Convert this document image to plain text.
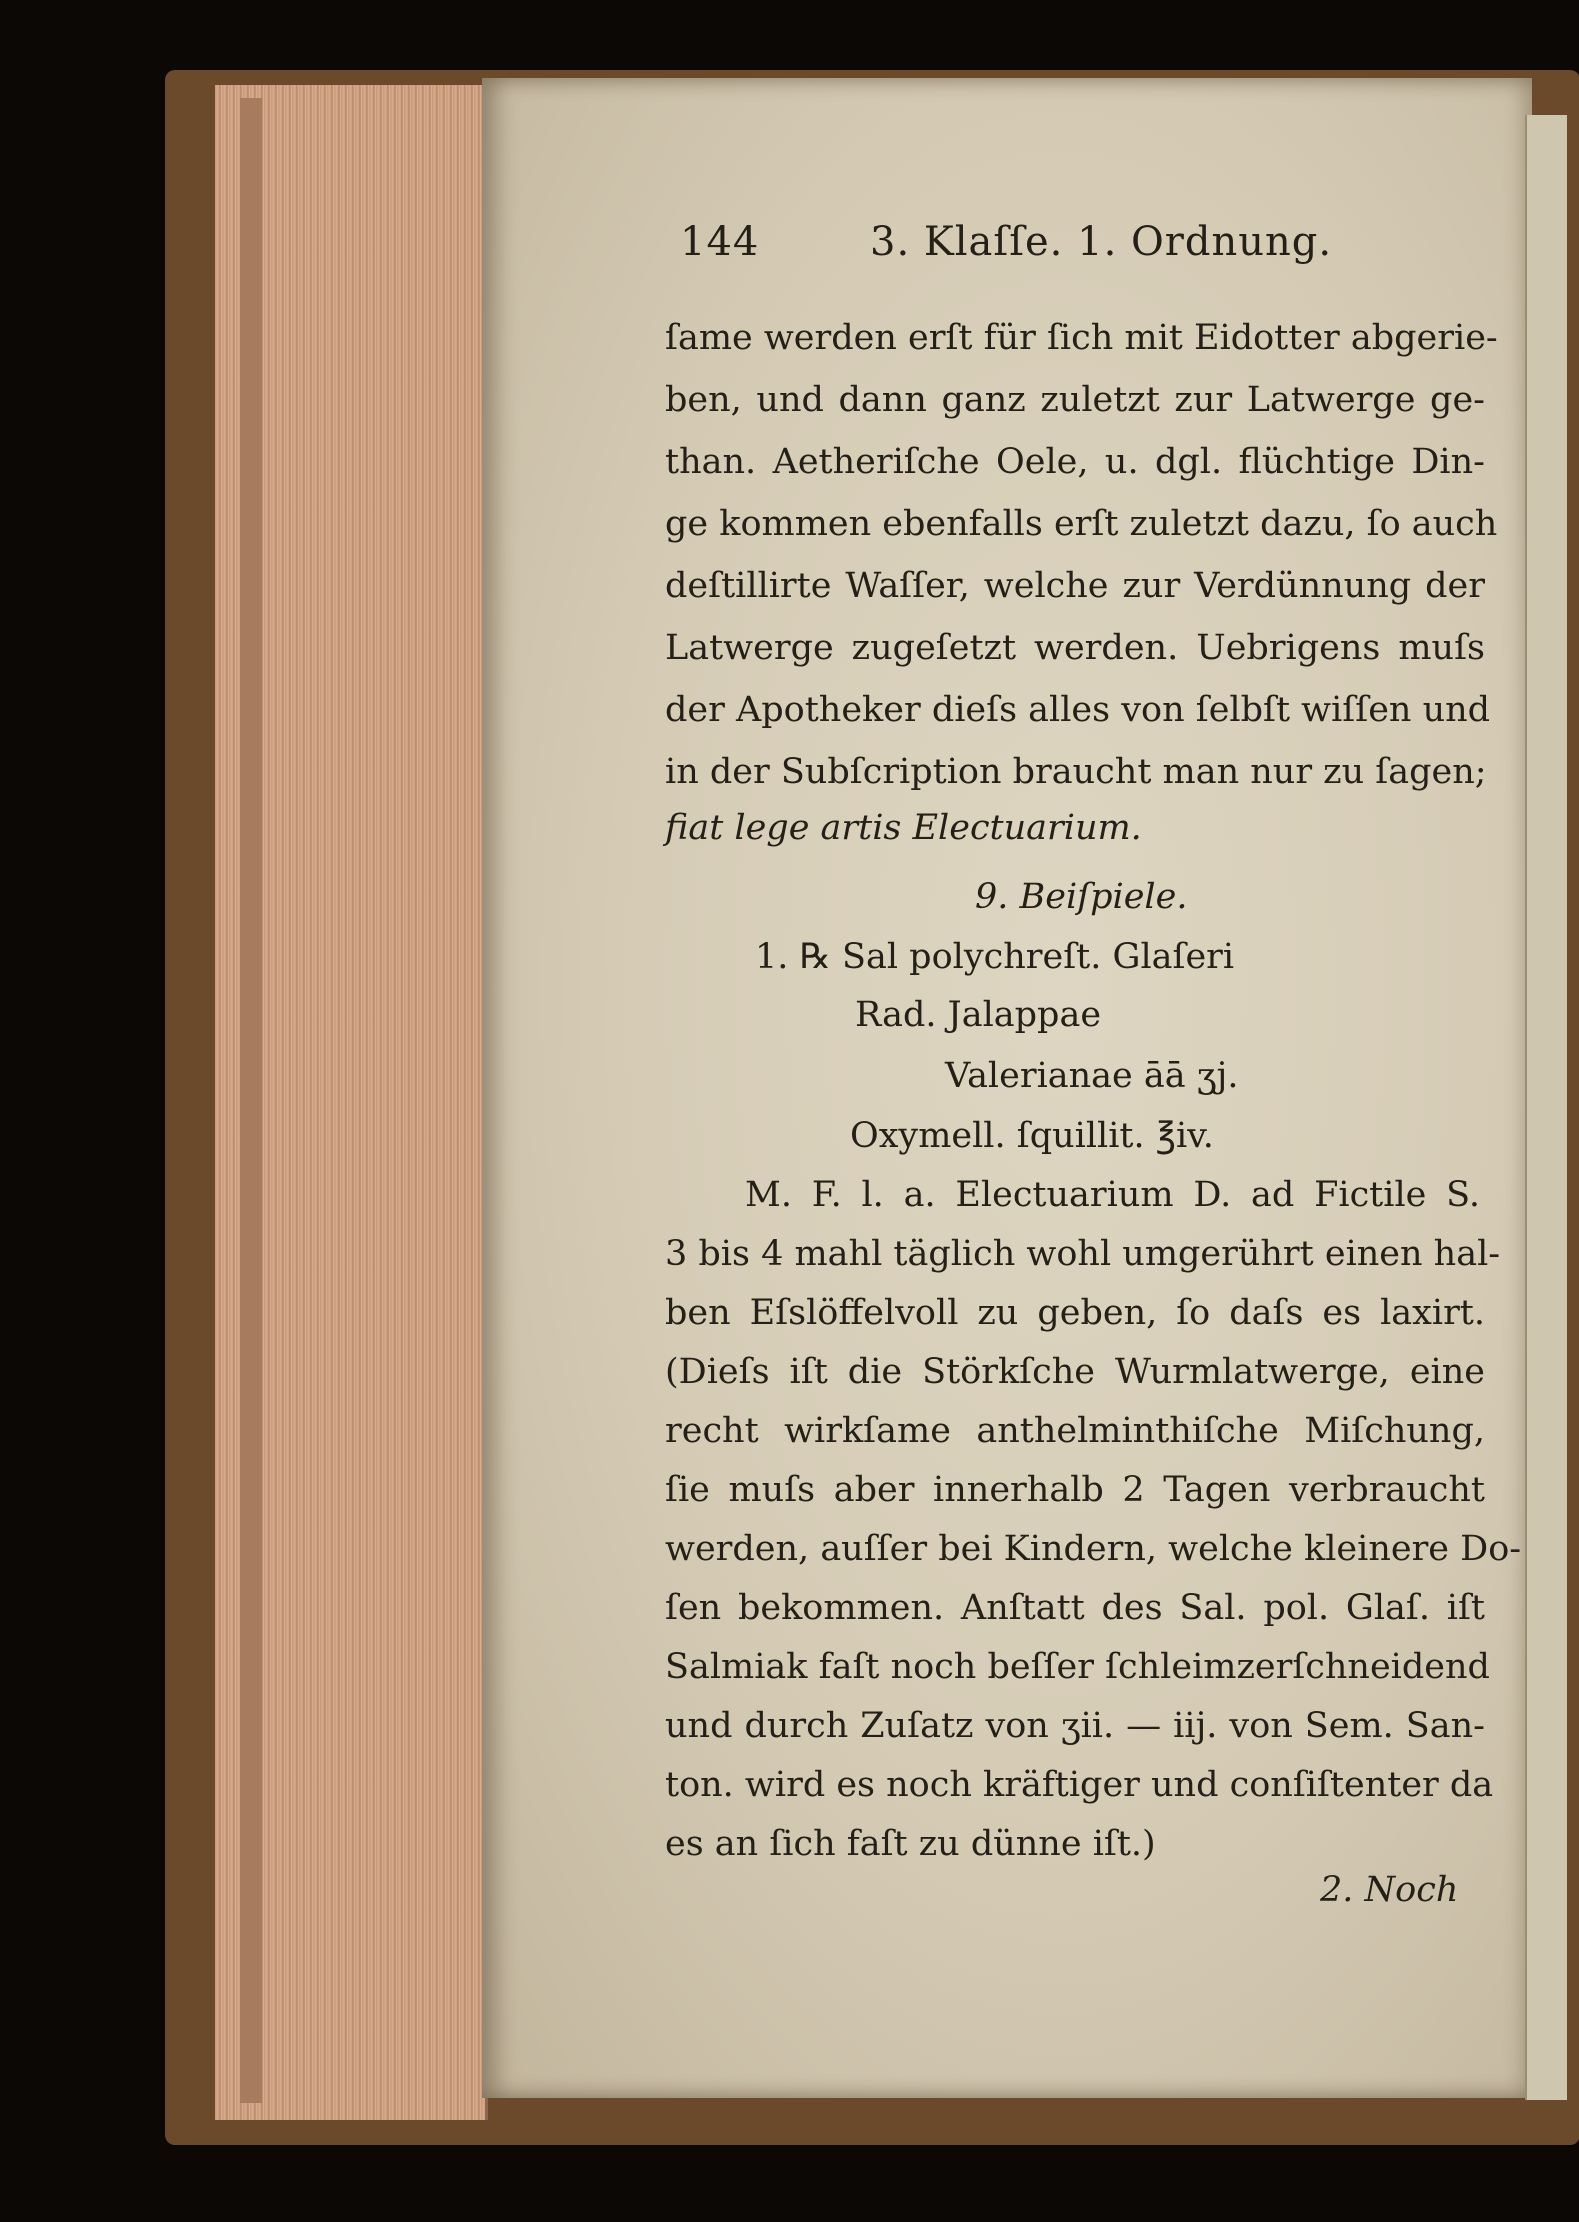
144	3. Klaſſe. 1. Ordnung.

ſame werden erſt für ſich mit Eidotter abgerie-

ben, und dann ganz zuletzt zur Latwerge ge-

than. Aetheriſche Oele, u. dgl. flüchtige Din-

ge kommen ebenfalls erſt zuletzt dazu, ſo auch

deſtillirte Waſſer, welche zur Verdünnung der

Latwerge zugeſetzt werden. Uebrigens muſs

der Apotheker dieſs alles von ſelbſt wiſſen und

in der Subſcription braucht man nur zu ſagen;

fiat lege artis Electuarium.

9. Beiſpiele.

1. ℞ Sal polychreſt. Glaſeri

Rad. Jalappae

Valerianae āā ʒj.

Oxymell. ſquillit. ℥iv.

M. F. l. a. Electuarium D. ad Fictile S.

3 bis 4 mahl täglich wohl umgerührt einen hal-

ben Eſslöffelvoll zu geben, ſo daſs es laxirt.

(Dieſs iſt die Störkſche Wurmlatwerge, eine

recht wirkſame anthelminthiſche Miſchung,

ſie muſs aber innerhalb 2 Tagen verbraucht

werden, auſſer bei Kindern, welche kleinere Do-

ſen bekommen. Anſtatt des Sal. pol. Glaſ. iſt

Salmiak faſt noch beſſer ſchleimzerſchneidend

und durch Zuſatz von ʒii. — iij. von Sem. San-

ton. wird es noch kräftiger und conſiſtenter da

es an ſich faſt zu dünne iſt.)

2. Noch
